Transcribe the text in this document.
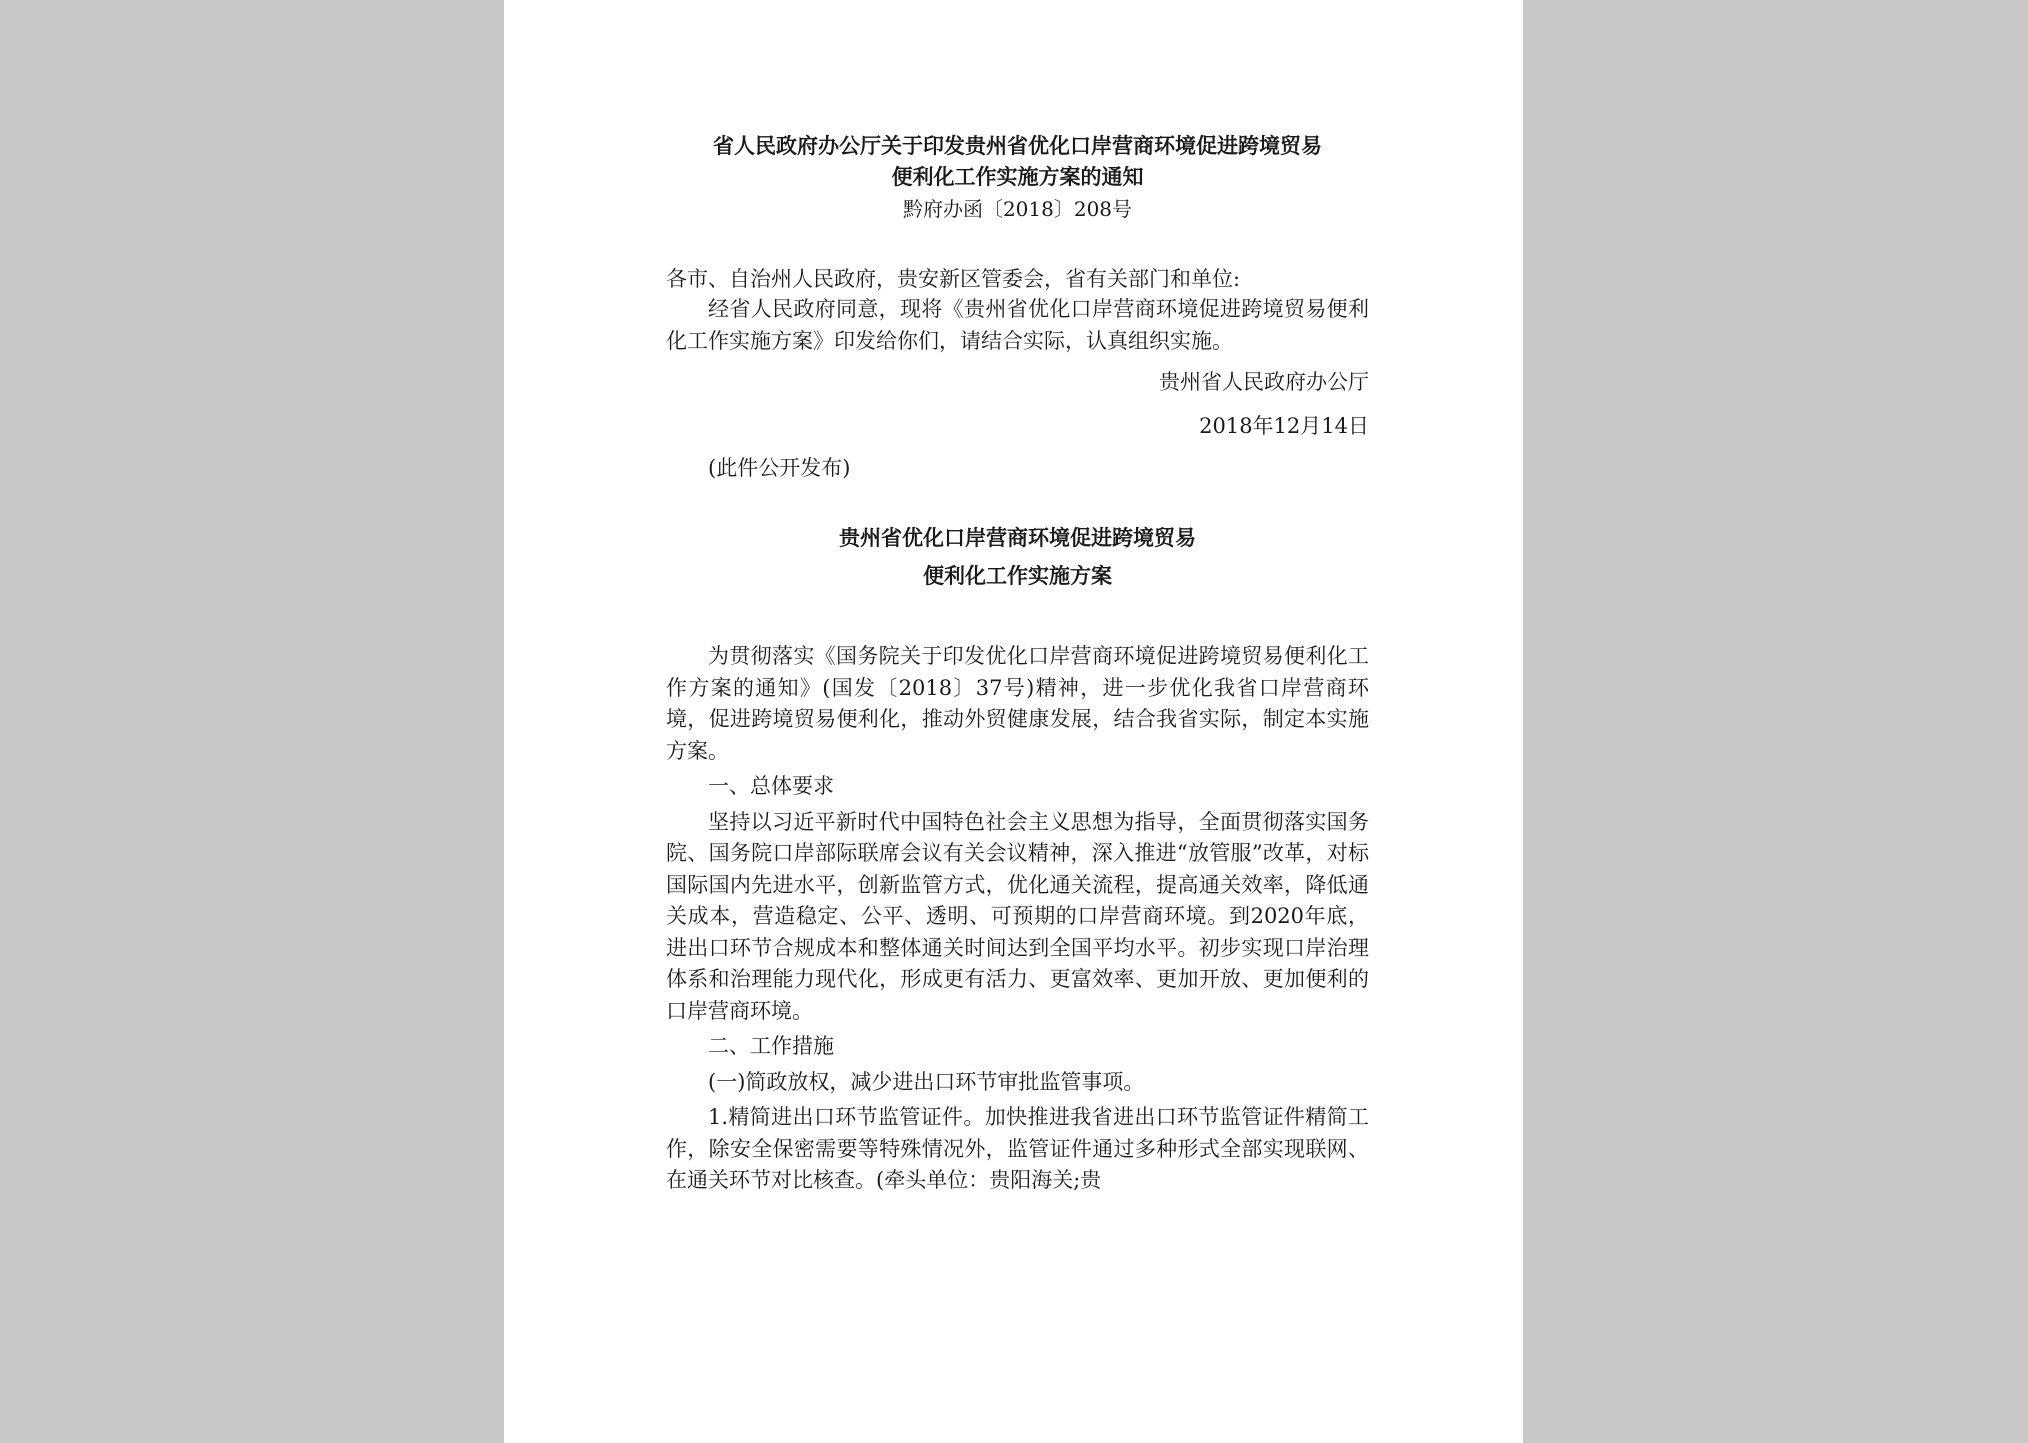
省人民政府办公厅关于印发贵州省优化口岸营商环境促进跨境贸易
便利化工作实施方案的通知

黔府办函〔2018〕208号

各市、自治州人民政府，贵安新区管委会，省有关部门和单位:

经省人民政府同意，现将《贵州省优化口岸营商环境促进跨境贸易便利化工作实施方案》印发给你们，请结合实际，认真组织实施。

贵州省人民政府办公厅

2018年12月14日

(此件公开发布)

贵州省优化口岸营商环境促进跨境贸易
便利化工作实施方案

为贯彻落实《国务院关于印发优化口岸营商环境促进跨境贸易便利化工作方案的通知》(国发〔2018〕37号)精神，进一步优化我省口岸营商环境，促进跨境贸易便利化，推动外贸健康发展，结合我省实际，制定本实施方案。

一、总体要求

坚持以习近平新时代中国特色社会主义思想为指导，全面贯彻落实国务院、国务院口岸部际联席会议有关会议精神，深入推进“放管服”改革，对标国际国内先进水平，创新监管方式，优化通关流程，提高通关效率，降低通关成本，营造稳定、公平、透明、可预期的口岸营商环境。到2020年底，进出口环节合规成本和整体通关时间达到全国平均水平。初步实现口岸治理体系和治理能力现代化，形成更有活力、更富效率、更加开放、更加便利的口岸营商环境。

二、工作措施

(一)简政放权，减少进出口环节审批监管事项。

1.精简进出口环节监管证件。加快推进我省进出口环节监管证件精简工作，除安全保密需要等特殊情况外，监管证件通过多种形式全部实现联网、在通关环节对比核查。(牵头单位：贵阳海关;贵
